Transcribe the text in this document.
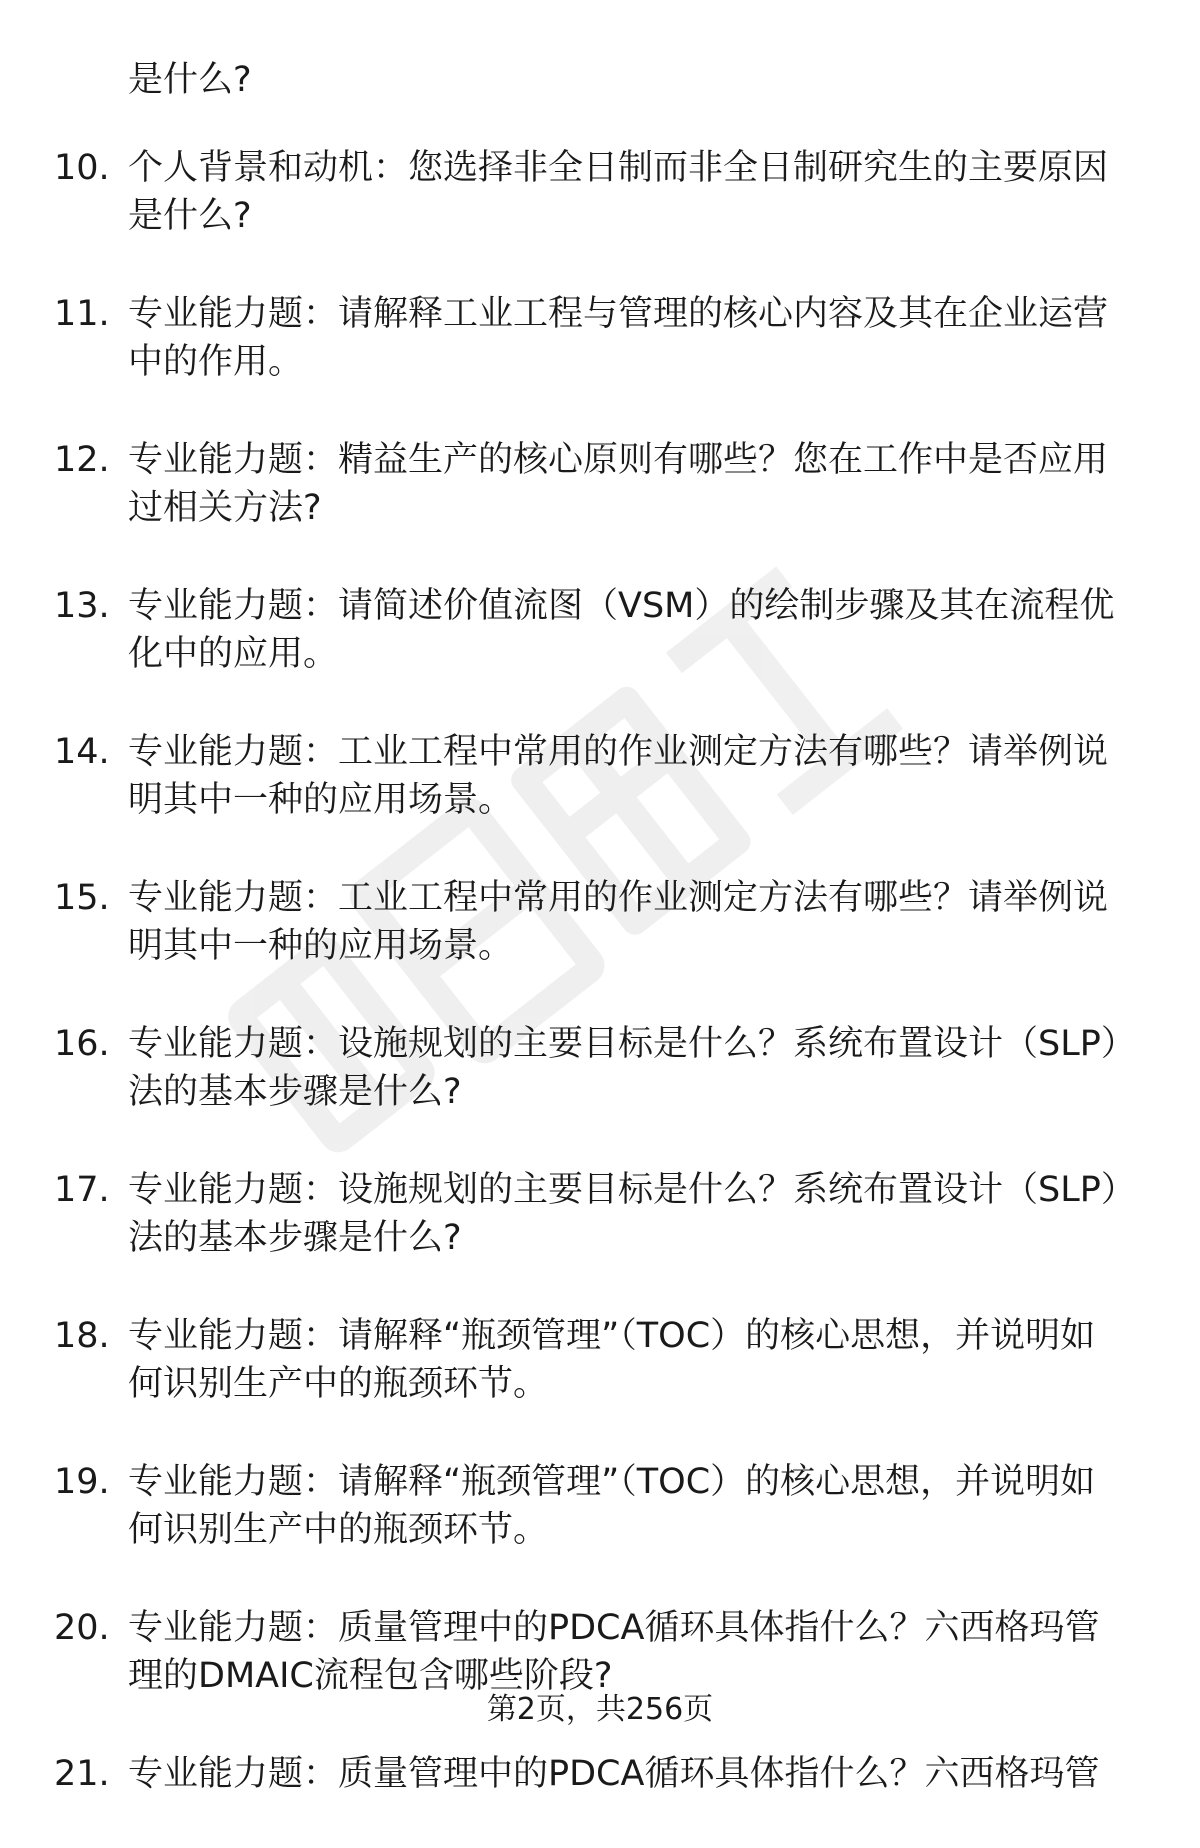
是什么?
10. 个人背景和动机：您选择非全日制而非全日制研究生的主要原因是什么?
11. 专业能力题：请解释工业工程与管理的核心内容及其在企业运营中的作用。
12. 专业能力题：精益生产的核心原则有哪些？您在工作中是否应用过相关方法?
13. 专业能力题：请简述价值流图（VSM）的绘制步骤及其在流程优化中的应用。
14. 专业能力题：工业工程中常用的作业测定方法有哪些？请举例说明其中一种的应用场景。
15. 专业能力题：工业工程中常用的作业测定方法有哪些？请举例说明其中一种的应用场景。
16. 专业能力题：设施规划的主要目标是什么？系统布置设计（SLP）法的基本步骤是什么?
17. 专业能力题：设施规划的主要目标是什么？系统布置设计（SLP）法的基本步骤是什么?
18. 专业能力题：请解释“瓶颈管理”（TOC）的核心思想，并说明如何识别生产中的瓶颈环节。
19. 专业能力题：请解释“瓶颈管理”（TOC）的核心思想，并说明如何识别生产中的瓶颈环节。
20. 专业能力题：质量管理中的PDCA循环具体指什么？六西格玛管理的DMAIC流程包含哪些阶段?
21. 专业能力题：质量管理中的PDCA循环具体指什么？六西格玛管
第2页，共256页
